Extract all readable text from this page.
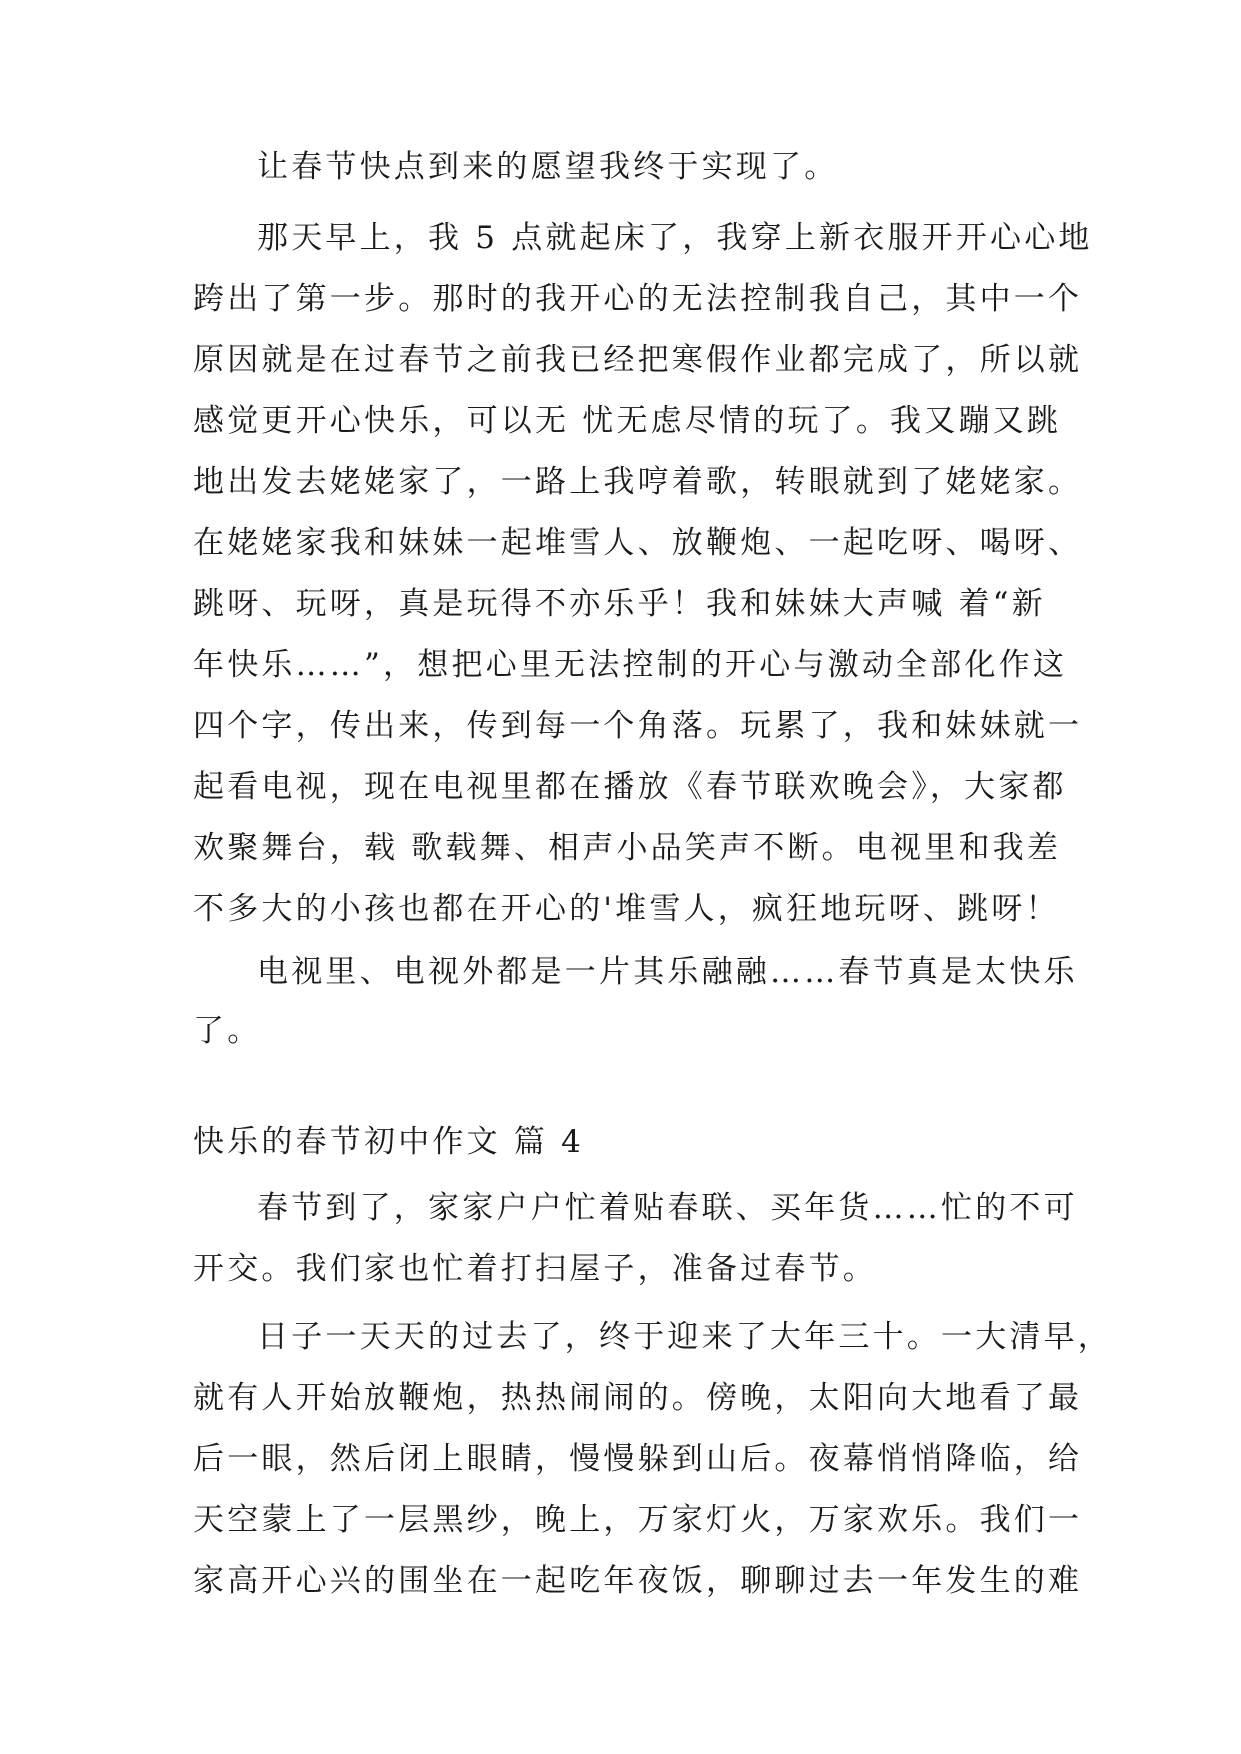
让春节快点到来的愿望我终于实现了。
那天早上，我 5 点就起床了，我穿上新衣服开开心心地
跨出了第一步。那时的我开心的无法控制我自己，其中一个
原因就是在过春节之前我已经把寒假作业都完成了，所以就
感觉更开心快乐，可以无 忧无虑尽情的玩了。我又蹦又跳
地出发去姥姥家了，一路上我哼着歌，转眼就到了姥姥家。
在姥姥家我和妹妹一起堆雪人、放鞭炮、一起吃呀、喝呀、
跳呀、玩呀，真是玩得不亦乐乎！我和妹妹大声喊 着“新
年快乐……”，想把心里无法控制的开心与激动全部化作这
四个字，传出来，传到每一个角落。玩累了，我和妹妹就一
起看电视，现在电视里都在播放《春节联欢晚会》，大家都
欢聚舞台，载 歌载舞、相声小品笑声不断。电视里和我差
不多大的小孩也都在开心的'堆雪人，疯狂地玩呀、跳呀！
电视里、电视外都是一片其乐融融……春节真是太快乐
了。
快乐的春节初中作文 篇 4
春节到了，家家户户忙着贴春联、买年货……忙的不可
开交。我们家也忙着打扫屋子，准备过春节。
日子一天天的过去了，终于迎来了大年三十。一大清早，
就有人开始放鞭炮，热热闹闹的。傍晚，太阳向大地看了最
后一眼，然后闭上眼睛，慢慢躲到山后。夜幕悄悄降临，给
天空蒙上了一层黑纱，晚上，万家灯火，万家欢乐。我们一
家高开心兴的围坐在一起吃年夜饭，聊聊过去一年发生的难
